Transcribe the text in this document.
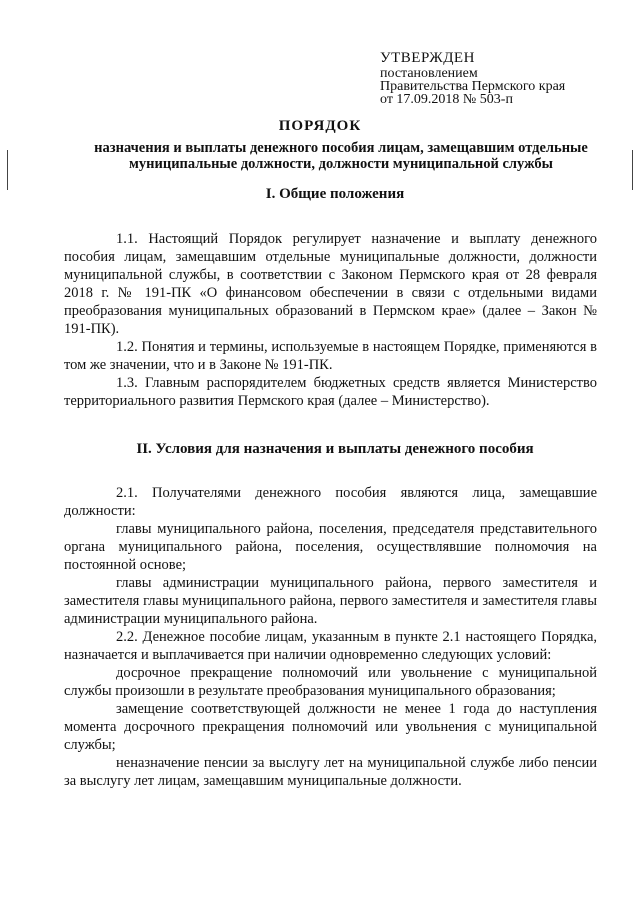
УТВЕРЖДЕН
постановлением
Правительства Пермского края
от 17.09.2018 № 503-п
ПОРЯДОК
назначения и выплаты денежного пособия лицам, замещавшим отдельные муниципальные должности, должности муниципальной службы
I. Общие положения

1.1. Настоящий Порядок регулирует назначение и выплату денежного пособия лицам, замещавшим отдельные муниципальные должности, должности муниципальной службы, в соответствии с Законом Пермского края от 28 февраля 2018 г. № 191-ПК «О финансовом обеспечении в связи с отдельными видами преобразования муниципальных образований в Пермском крае» (далее – Закон № 191-ПК).

1.2. Понятия и термины, используемые в настоящем Порядке, применяются в том же значении, что и в Законе № 191-ПК.

1.3. Главным распорядителем бюджетных средств является Министерство территориального развития Пермского края (далее – Министерство).

II. Условия для назначения и выплаты денежного пособия

2.1. Получателями денежного пособия являются лица, замещавшие должности:

главы муниципального района, поселения, председателя представительного органа муниципального района, поселения, осуществлявшие полномочия на постоянной основе;

главы администрации муниципального района, первого заместителя и заместителя главы муниципального района, первого заместителя и заместителя главы администрации муниципального района.

2.2. Денежное пособие лицам, указанным в пункте 2.1 настоящего Порядка, назначается и выплачивается при наличии одновременно следующих условий:

досрочное прекращение полномочий или увольнение с муниципальной службы произошли в результате преобразования муниципального образования;

замещение соответствующей должности не менее 1 года до наступления момента досрочного прекращения полномочий или увольнения с муниципальной службы;

неназначение пенсии за выслугу лет на муниципальной службе либо пенсии за выслугу лет лицам, замещавшим муниципальные должности.
